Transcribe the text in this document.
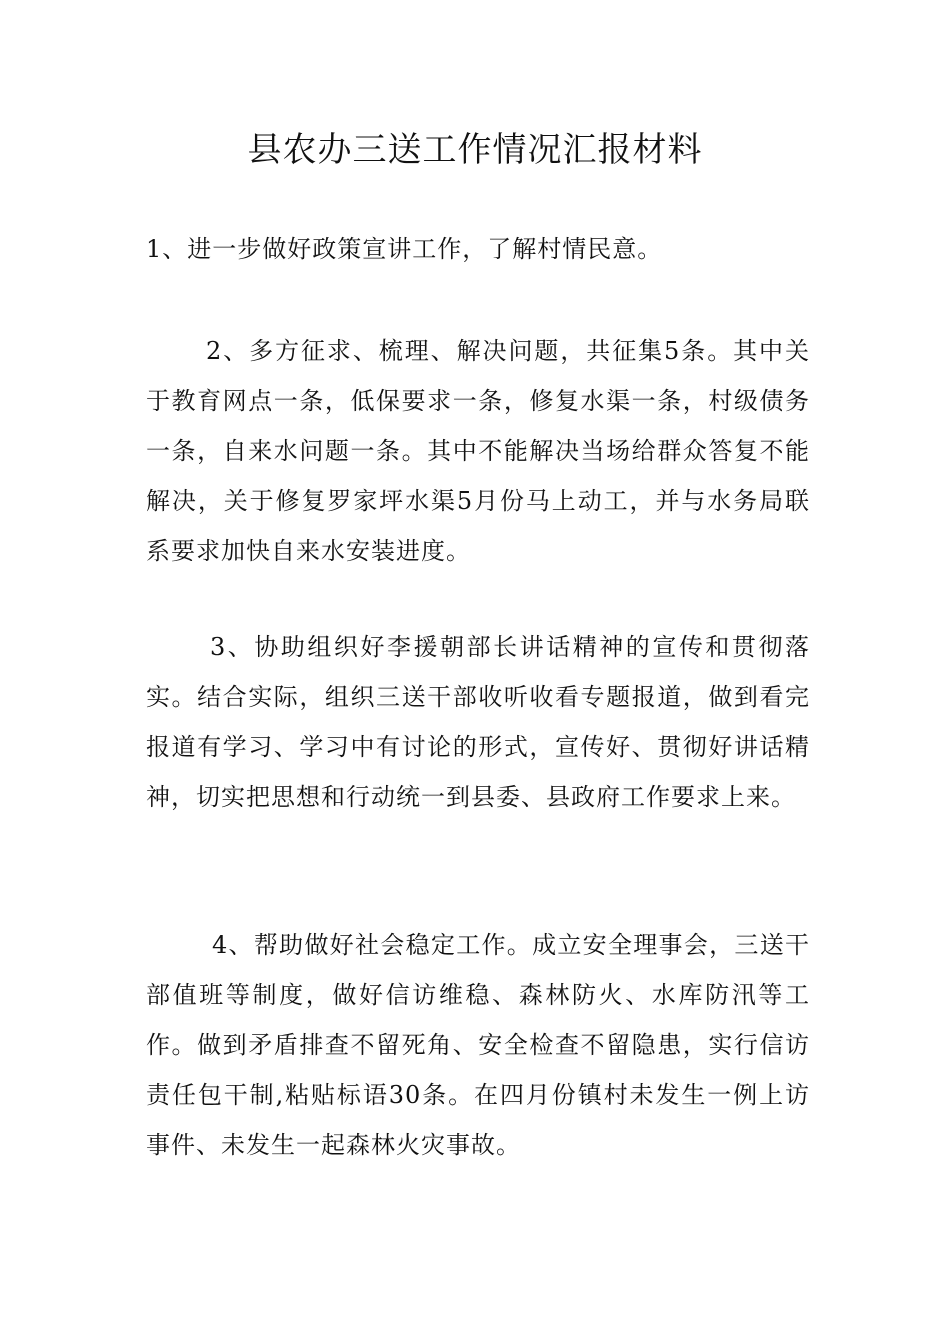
县农办三送工作情况汇报材料

1、进一步做好政策宣讲工作，了解村情民意。

2、多方征求、梳理、解决问题，共征集5条。其中关于教育网点一条，低保要求一条，修复水渠一条，村级债务一条，自来水问题一条。其中不能解决当场给群众答复不能解决，关于修复罗家坪水渠5月份马上动工，并与水务局联系要求加快自来水安装进度。

3、协助组织好李援朝部长讲话精神的宣传和贯彻落实。结合实际，组织三送干部收听收看专题报道，做到看完报道有学习、学习中有讨论的形式，宣传好、贯彻好讲话精神，切实把思想和行动统一到县委、县政府工作要求上来。

4、帮助做好社会稳定工作。成立安全理事会，三送干部值班等制度，做好信访维稳、森林防火、水库防汛等工作。做到矛盾排查不留死角、安全检查不留隐患，实行信访责任包干制,粘贴标语30条。在四月份镇村未发生一例上访事件、未发生一起森林火灾事故。
